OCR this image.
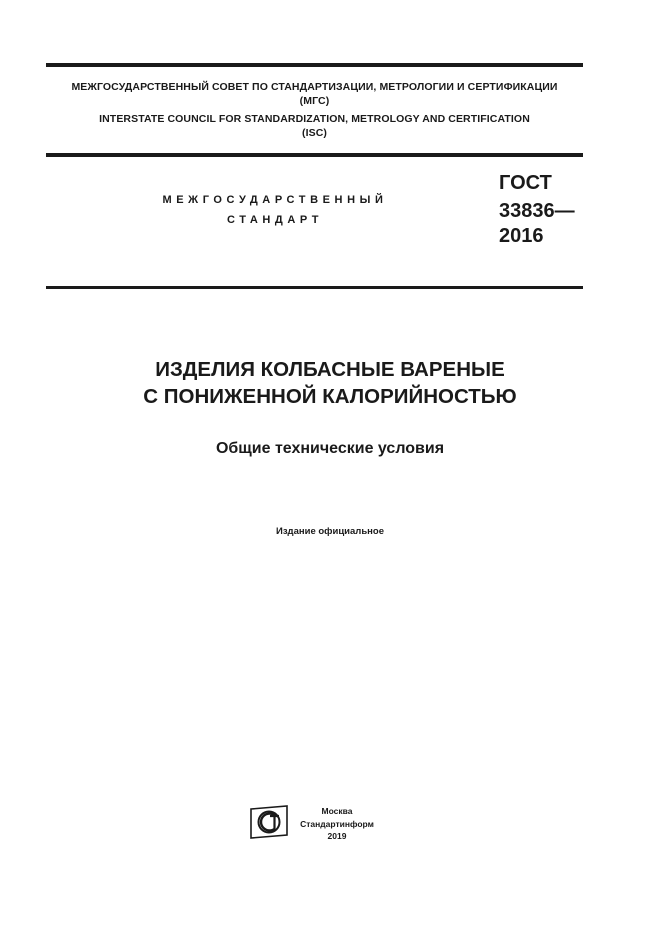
МЕЖГОСУДАРСТВЕННЫЙ СОВЕТ ПО СТАНДАРТИЗАЦИИ, МЕТРОЛОГИИ И СЕРТИФИКАЦИИ
(МГС)
INTERSTATE COUNCIL FOR STANDARDIZATION, METROLOGY AND CERTIFICATION
(ISC)
МЕЖГОСУДАРСТВЕННЫЙ
СТАНДАРТ
ГОСТ
33836—
2016
ИЗДЕЛИЯ КОЛБАСНЫЕ ВАРЕНЫЕ
С ПОНИЖЕННОЙ КАЛОРИЙНОСТЬЮ
Общие технические условия
Издание официальное
Москва
Стандартинформ
2019
